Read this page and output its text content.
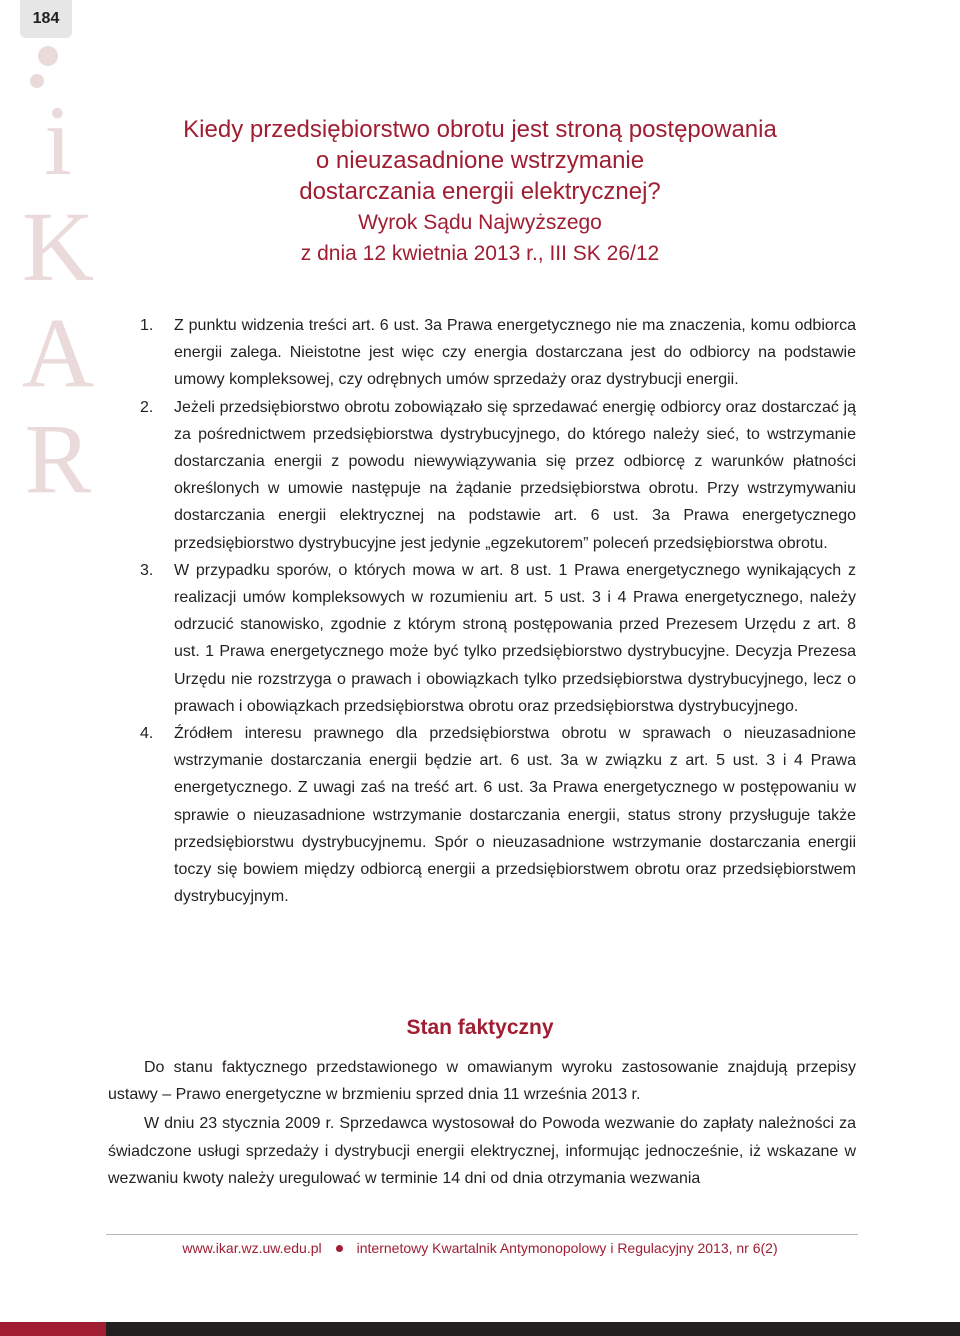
184
i
K
A
R
Kiedy przedsiębiorstwo obrotu jest stroną postępowania
o nieuzasadnione wstrzymanie
dostarczania energii elektrycznej?
Wyrok Sądu Najwyższego
z dnia 12 kwietnia 2013 r., III SK 26/12
1. Z punktu widzenia treści art. 6 ust. 3a Prawa energetycznego nie ma znaczenia, komu odbiorca energii zalega. Nieistotne jest więc czy energia dostarczana jest do odbiorcy na podstawie umowy kompleksowej, czy odrębnych umów sprzedaży oraz dystrybucji energii.
2. Jeżeli przedsiębiorstwo obrotu zobowiązało się sprzedawać energię odbiorcy oraz dostarczać ją za pośrednictwem przedsiębiorstwa dystrybucyjnego, do którego należy sieć, to wstrzymanie dostarczania energii z powodu niewywiązywania się przez odbiorcę z warunków płatności określonych w umowie następuje na żądanie przedsiębiorstwa obrotu. Przy wstrzymywaniu dostarczania energii elektrycznej na podstawie art. 6 ust. 3a Prawa energetycznego przedsiębiorstwo dystrybucyjne jest jedynie „egzekutorem” poleceń przedsiębiorstwa obrotu.
3. W przypadku sporów, o których mowa w art. 8 ust. 1 Prawa energetycznego wynikających z realizacji umów kompleksowych w rozumieniu art. 5 ust. 3 i 4 Prawa energetycznego, należy odrzucić stanowisko, zgodnie z którym stroną postępowania przed Prezesem Urzędu z art. 8 ust. 1 Prawa energetycznego może być tylko przedsiębiorstwo dystrybucyjne. Decyzja Prezesa Urzędu nie rozstrzyga o prawach i obowiązkach tylko przedsiębiorstwa dystrybucyjnego, lecz o prawach i obowiązkach przedsiębiorstwa obrotu oraz przedsiębiorstwa dystrybucyjnego.
4. Źródłem interesu prawnego dla przedsiębiorstwa obrotu w sprawach o nieuzasadnione wstrzymanie dostarczania energii będzie art. 6 ust. 3a w związku z art. 5 ust. 3 i 4 Prawa energetycznego. Z uwagi zaś na treść art. 6 ust. 3a Prawa energetycznego w postępowaniu w sprawie o nieuzasadnione wstrzymanie dostarczania energii, status strony przysługuje także przedsiębiorstwu dystrybucyjnemu. Spór o nieuzasadnione wstrzymanie dostarczania energii toczy się bowiem między odbiorcą energii a przedsiębiorstwem obrotu oraz przedsiębiorstwem dystrybucyjnym.
Stan faktyczny

Do stanu faktycznego przedstawionego w omawianym wyroku zastosowanie znajdują przepisy ustawy – Prawo energetyczne w brzmieniu sprzed dnia 11 września 2013 r.

W dniu 23 stycznia 2009 r. Sprzedawca wystosował do Powoda wezwanie do zapłaty należności za świadczone usługi sprzedaży i dystrybucji energii elektrycznej, informując jednocześnie, iż wskazane w wezwaniu kwoty należy uregulować w terminie 14 dni od dnia otrzymania wezwania

www.ikar.wz.uw.edu.pl	internetowy Kwartalnik Antymonopolowy i Regulacyjny 2013, nr 6(2)
